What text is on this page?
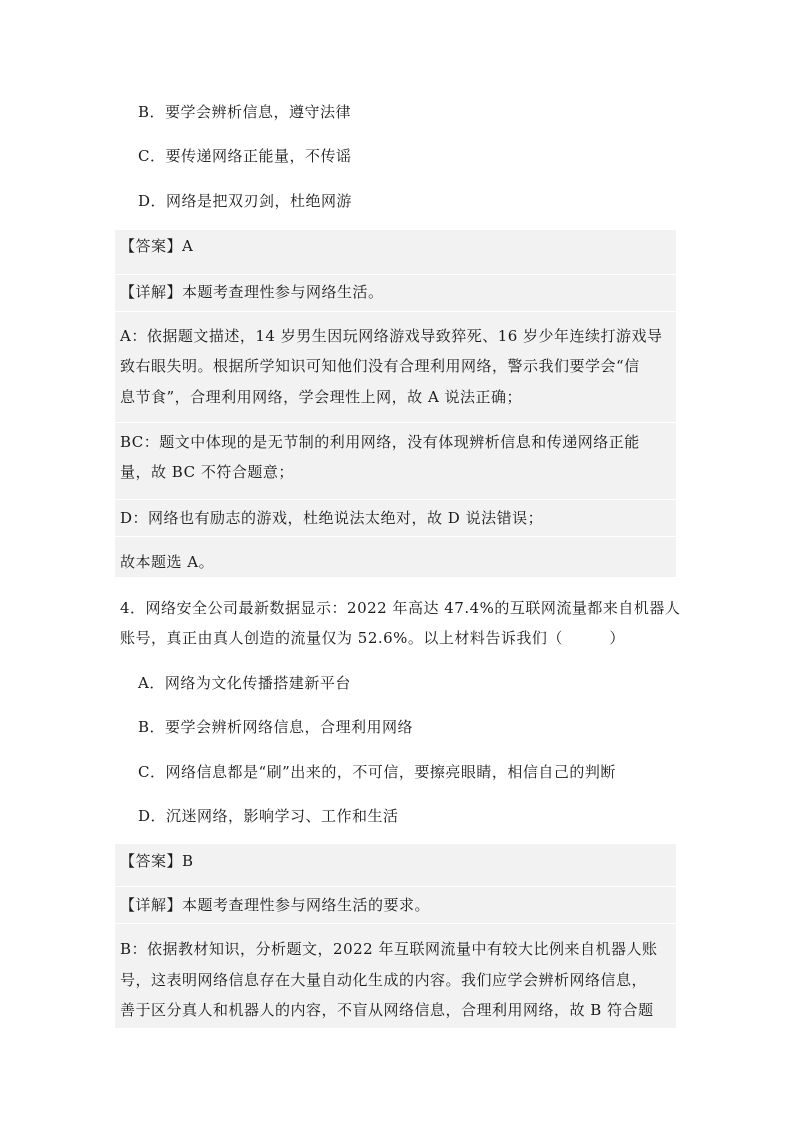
B．要学会辨析信息，遵守法律
C．要传递网络正能量，不传谣
D．网络是把双刃剑，杜绝网游
【答案】A
【详解】本题考查理性参与网络生活。
A：依据题文描述，14 岁男生因玩网络游戏导致猝死、16 岁少年连续打游戏导
致右眼失明。根据所学知识可知他们没有合理利用网络，警示我们要学会“信
息节食”，合理利用网络，学会理性上网，故 A 说法正确；
BC：题文中体现的是无节制的利用网络，没有体现辨析信息和传递网络正能
量，故 BC 不符合题意；
D：网络也有励志的游戏，杜绝说法太绝对，故 D 说法错误；
故本题选 A。
4．网络安全公司最新数据显示：2022 年高达 47.4%的互联网流量都来自机器人
账号，真正由真人创造的流量仅为 52.6%。以上材料告诉我们（　　　）
A．网络为文化传播搭建新平台
B．要学会辨析网络信息，合理利用网络
C．网络信息都是“刷”出来的，不可信，要擦亮眼睛，相信自己的判断
D．沉迷网络，影响学习、工作和生活
【答案】B
【详解】本题考查理性参与网络生活的要求。
B：依据教材知识，分析题文，2022 年互联网流量中有较大比例来自机器人账
号，这表明网络信息存在大量自动化生成的内容。我们应学会辨析网络信息，
善于区分真人和机器人的内容，不盲从网络信息，合理利用网络，故 B 符合题
